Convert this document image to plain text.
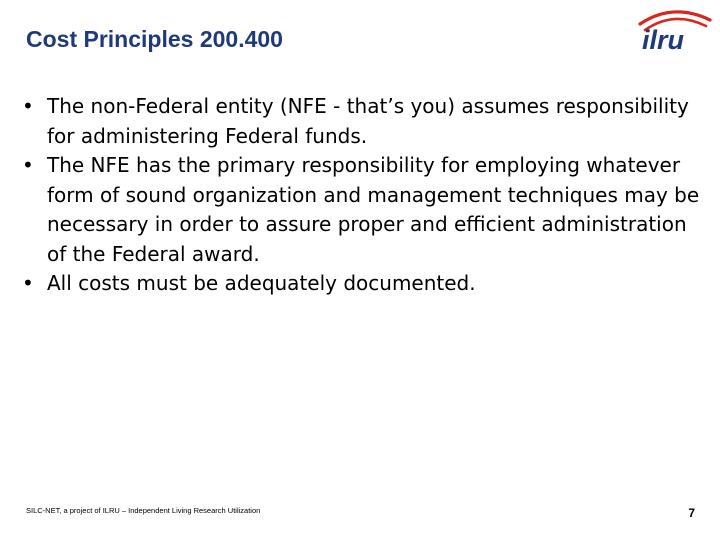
Cost Principles 200.400	ilru
• The non-Federal entity (NFE - that’s you) assumes responsibility for administering Federal funds.
• The NFE has the primary responsibility for employing whatever form of sound organization and management techniques may be necessary in order to assure proper and efficient administration of the Federal award.
• All costs must be adequately documented.
SILC-NET, a project of ILRU – Independent Living Research Utilization	7
